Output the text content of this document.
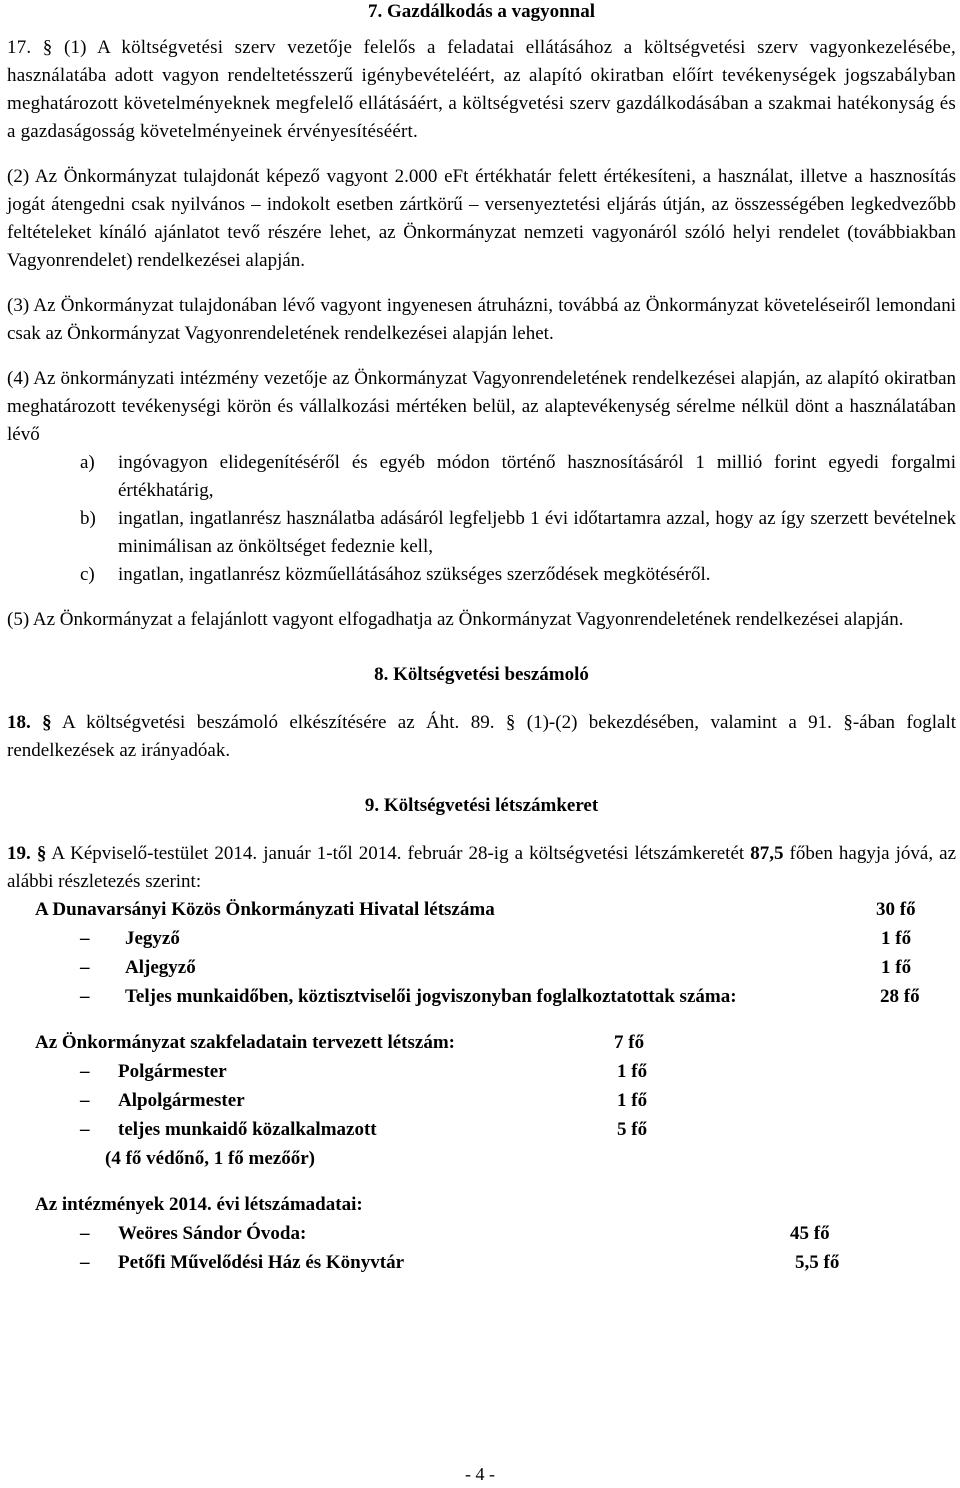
7. Gazdálkodás a vagyonnal

17. § (1) A költségvetési szerv vezetője felelős a feladatai ellátásához a költségvetési szerv vagyonkezelésébe, használatába adott vagyon rendeltetésszerű igénybevételéért, az alapító okiratban előírt tevékenységek jogszabályban meghatározott követelményeknek megfelelő ellátásáért, a költségvetési szerv gazdálkodásában a szakmai hatékonyság és a gazdaságosság követelményeinek érvényesítéséért.

(2) Az Önkormányzat tulajdonát képező vagyont 2.000 eFt értékhatár felett értékesíteni, a használat, illetve a hasznosítás jogát átengedni csak nyilvános – indokolt esetben zártkörű – versenyeztetési eljárás útján, az összességében legkedvezőbb feltételeket kínáló ajánlatot tevő részére lehet, az Önkormányzat nemzeti vagyonáról szóló helyi rendelet (továbbiakban Vagyonrendelet) rendelkezései alapján.

(3) Az Önkormányzat tulajdonában lévő vagyont ingyenesen átruházni, továbbá az Önkormányzat követeléseiről lemondani csak az Önkormányzat Vagyonrendeletének rendelkezései alapján lehet.

(4) Az önkormányzati intézmény vezetője az Önkormányzat Vagyonrendeletének rendelkezései alapján, az alapító okiratban meghatározott tevékenységi körön és vállalkozási mértéken belül, az alaptevékenység sérelme nélkül dönt a használatában lévő

a) ingóvagyon elidegenítéséről és egyéb módon történő hasznosításáról 1 millió forint egyedi forgalmi értékhatárig,
b) ingatlan, ingatlanrész használatba adásáról legfeljebb 1 évi időtartamra azzal, hogy az így szerzett bevételnek minimálisan az önköltséget fedeznie kell,
c) ingatlan, ingatlanrész közműellátásához szükséges szerződések megkötéséről.

(5) Az Önkormányzat a felajánlott vagyont elfogadhatja az Önkormányzat Vagyonrendeletének rendelkezései alapján.

8. Költségvetési beszámoló

18. § A költségvetési beszámoló elkészítésére az Áht. 89. § (1)-(2) bekezdésében, valamint a 91. §-ában foglalt rendelkezések az irányadóak.

9. Költségvetési létszámkeret

19. § A Képviselő-testület 2014. január 1-től 2014. február 28-ig a költségvetési létszámkeretét 87,5 főben hagyja jóvá, az alábbi részletezés szerint:

A Dunavarsányi Közös Önkormányzati Hivatal létszáma	30 fő
– Jegyző	1 fő
– Aljegyző	1 fő
– Teljes munkaidőben, köztisztviselői jogviszonyban foglalkoztatottak száma:	28 fő
Az Önkormányzat szakfeladatain tervezett létszám:	7 fő
– Polgármester	1 fő
– Alpolgármester	1 fő
– teljes munkaidő közalkalmazott	5 fő
(4 fő védőnő, 1 fő mezőőr)
Az intézmények 2014. évi létszámadatai:
– Weöres Sándor Óvoda:	45 fő
– Petőfi Művelődési Ház és Könyvtár	5,5 fő
- 4 -
